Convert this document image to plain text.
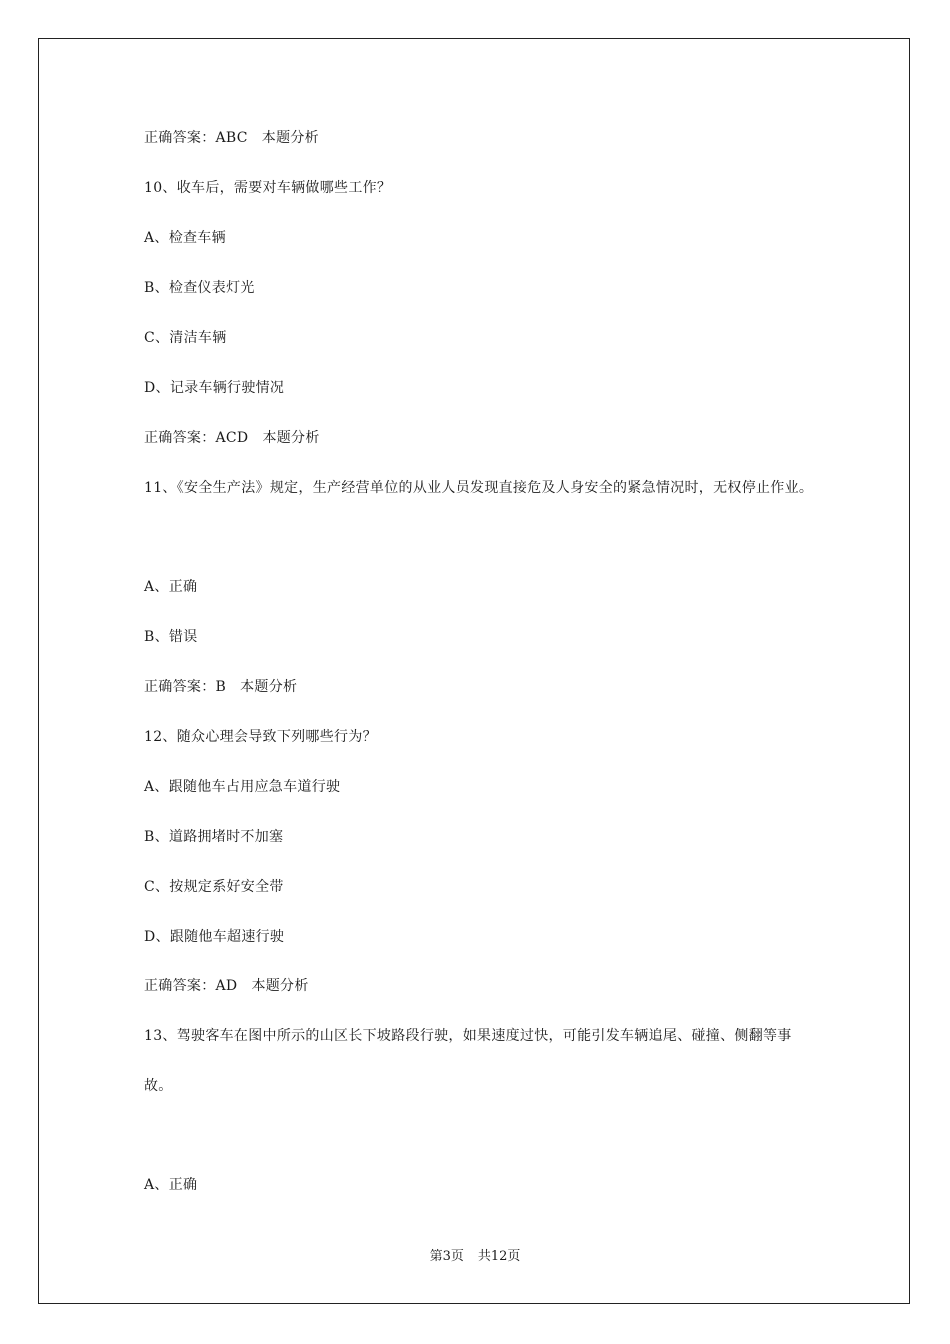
正确答案：ABC 本题分析
10、收车后，需要对车辆做哪些工作？
A、检查车辆
B、检查仪表灯光
C、清洁车辆
D、记录车辆行驶情况
正确答案：ACD 本题分析
11、《安全生产法》规定，生产经营单位的从业人员发现直接危及人身安全的紧急情况时，无权停止作业。
A、正确
B、错误
正确答案：B 本题分析
12、随众心理会导致下列哪些行为？
A、跟随他车占用应急车道行驶
B、道路拥堵时不加塞
C、按规定系好安全带
D、跟随他车超速行驶
正确答案：AD 本题分析
13、驾驶客车在图中所示的山区长下坡路段行驶，如果速度过快，可能引发车辆追尾、碰撞、侧翻等事故。
A、正确
第3页 共12页
